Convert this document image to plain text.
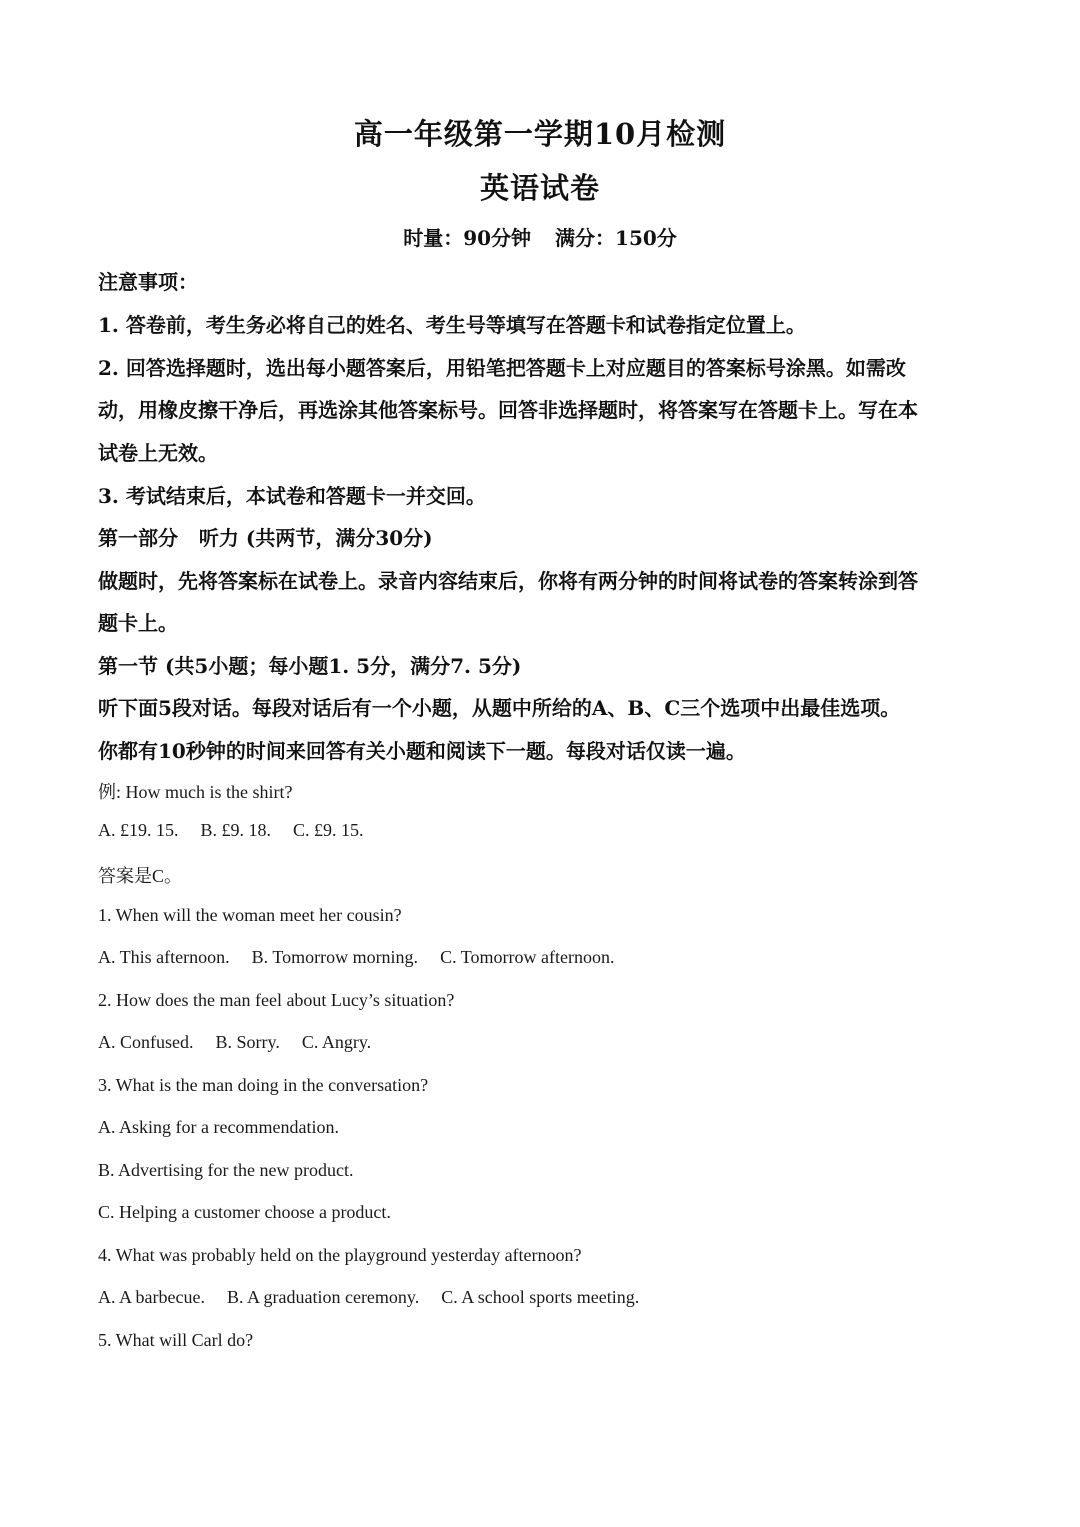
高一年级第一学期10月检测
英语试卷
时量：90分钟 满分：150分
注意事项：
1. 答卷前，考生务必将自己的姓名、考生号等填写在答题卡和试卷指定位置上。
2. 回答选择题时，选出每小题答案后，用铅笔把答题卡上对应题目的答案标号涂黑。如需改
动，用橡皮擦干净后，再选涂其他答案标号。回答非选择题时，将答案写在答题卡上。写在本
试卷上无效。
3. 考试结束后，本试卷和答题卡一并交回。
第一部分   听力 (共两节，满分30分)
做题时，先将答案标在试卷上。录音内容结束后，你将有两分钟的时间将试卷的答案转涂到答
题卡上。
第一节 (共5小题；每小题1. 5分，满分7. 5分)
听下面5段对话。每段对话后有一个小题，从题中所给的A、B、C三个选项中出最佳选项。
你都有10秒钟的时间来回答有关小题和阅读下一题。每段对话仅读一遍。
例: How much is the shirt?
A. £19. 15. B. £9. 18. C. £9. 15.
答案是C。
1. When will the woman meet her cousin?
A. This afternoon. B. Tomorrow morning. C. Tomorrow afternoon.
2. How does the man feel about Lucy’s situation?
A. Confused. B. Sorry. C. Angry.
3. What is the man doing in the conversation?
A. Asking for a recommendation.
B. Advertising for the new product.
C. Helping a customer choose a product.
4. What was probably held on the playground yesterday afternoon?
A. A barbecue. B. A graduation ceremony. C. A school sports meeting.
5. What will Carl do?
